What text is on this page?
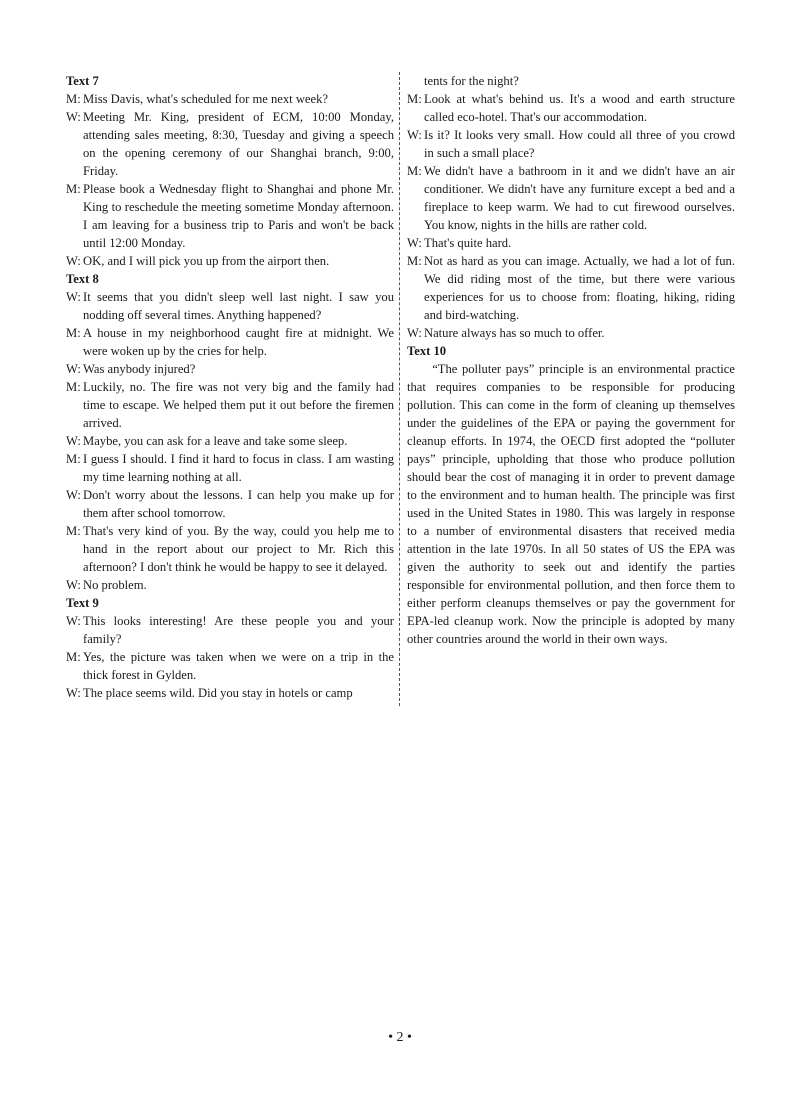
Text 7
M: Miss Davis, what's scheduled for me next week?
W: Meeting Mr. King, president of ECM, 10:00 Monday, attending sales meeting, 8:30, Tuesday and giving a speech on the opening ceremony of our Shanghai branch, 9:00, Friday.
M: Please book a Wednesday flight to Shanghai and phone Mr. King to reschedule the meeting sometime Monday afternoon. I am leaving for a business trip to Paris and won't be back until 12:00 Monday.
W: OK, and I will pick you up from the airport then.
Text 8
W: It seems that you didn't sleep well last night. I saw you nodding off several times. Anything happened?
M: A house in my neighborhood caught fire at midnight. We were woken up by the cries for help.
W: Was anybody injured?
M: Luckily, no. The fire was not very big and the family had time to escape. We helped them put it out before the firemen arrived.
W: Maybe, you can ask for a leave and take some sleep.
M: I guess I should. I find it hard to focus in class. I am wasting my time learning nothing at all.
W: Don't worry about the lessons. I can help you make up for them after school tomorrow.
M: That's very kind of you. By the way, could you help me to hand in the report about our project to Mr. Rich this afternoon? I don't think he would be happy to see it delayed.
W: No problem.
Text 9
W: This looks interesting! Are these people you and your family?
M: Yes, the picture was taken when we were on a trip in the thick forest in Gylden.
W: The place seems wild. Did you stay in hotels or camp
tents for the night?
M: Look at what's behind us. It's a wood and earth structure called eco-hotel. That's our accommodation.
W: Is it? It looks very small. How could all three of you crowd in such a small place?
M: We didn't have a bathroom in it and we didn't have an air conditioner. We didn't have any furniture except a bed and a fireplace to keep warm. We had to cut firewood ourselves. You know, nights in the hills are rather cold.
W: That's quite hard.
M: Not as hard as you can image. Actually, we had a lot of fun. We did riding most of the time, but there were various experiences for us to choose from: floating, hiking, riding and bird-watching.
W: Nature always has so much to offer.
Text 10
“The polluter pays” principle is an environmental practice that requires companies to be responsible for producing pollution. This can come in the form of cleaning up themselves under the guidelines of the EPA or paying the government for cleanup efforts. In 1974, the OECD first adopted the “polluter pays” principle, upholding that those who produce pollution should bear the cost of managing it in order to prevent damage to the environment and to human health. The principle was first used in the United States in 1980. This was largely in response to a number of environmental disasters that received media attention in the late 1970s. In all 50 states of US the EPA was given the authority to seek out and identify the parties responsible for environmental pollution, and then force them to either perform cleanups themselves or pay the government for EPA-led cleanup work. Now the principle is adopted by many other countries around the world in their own ways.
• 2 •
